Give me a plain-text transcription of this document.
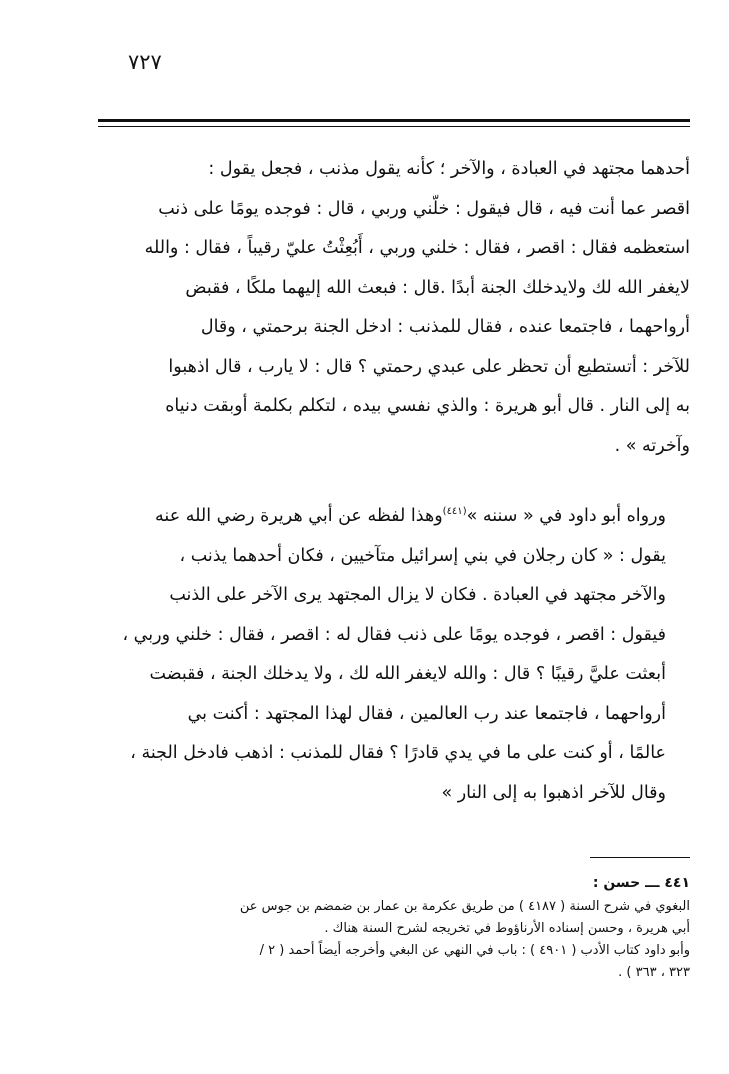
٧٢٧
أحدهما مجتهد في العبادة ، والآخر ؛ كأنه يقول مذنب ، فجعل يقول :
اقصر عما أنت فيه ، قال فيقول : خلّني وربي ، قال : فوجده يومًا على ذنب
استعظمه فقال : اقصر ، فقال : خلني وربي ، أَبُعِثْتُ عليّ رقيباً ، فقال : والله
لايغفر الله لك ولايدخلك الجنة أبدًا .قال : فبعث الله إليهما ملكًا ، فقبض
أرواحهما ، فاجتمعا عنده ، فقال للمذنب : ادخل الجنة برحمتي ، وقال
للآخر : أتستطيع أن تحظر على عبدي رحمتي ؟ قال : لا يارب ، قال اذهبوا
به إلى النار . قال أبو هريرة : والذي نفسي بيده ، لتكلم بكلمة أوبقت دنياه
وآخرته » .
ورواه أبو داود في « سننه »$^{(٤٤١)}$وهذا لفظه عن أبي هريرة رضي الله عنه
يقول : « كان رجلان في بني إسرائيل متآخيين ، فكان أحدهما يذنب ،
والآخر مجتهد في العبادة . فكان لا يزال المجتهد يرى الآخر على الذنب
فيقول : اقصر ، فوجده يومًا على ذنب فقال له : اقصر ، فقال : خلني وربي ،
أبعثت عليَّ رقيبًا ؟ قال : والله لايغفر الله لك ، ولا يدخلك الجنة ، فقبضت
أرواحهما ، فاجتمعا عند رب العالمين ، فقال لهذا المجتهد : أكنت بي
عالمًا ، أو كنت على ما في يدي قادرًا ؟ فقال للمذنب : اذهب فادخل الجنة ،
وقال للآخر اذهبوا به إلى النار »
٤٤١ ـــ حسن :
البغوي في شرح السنة ( ٤١٨٧ ) من طريق عكرمة بن عمار بن ضمضم بن جوس عن
أبي هريرة ، وحسن إسناده الأرناؤوط في تخريجه لشرح السنة هناك .
وأبو داود كتاب الأدب ( ٤٩٠١ ) : باب في النهي عن البغي وأخرجه أيضاً أحمد ( ٢ /
٣٢٣ ، ٣٦٣ ) .
